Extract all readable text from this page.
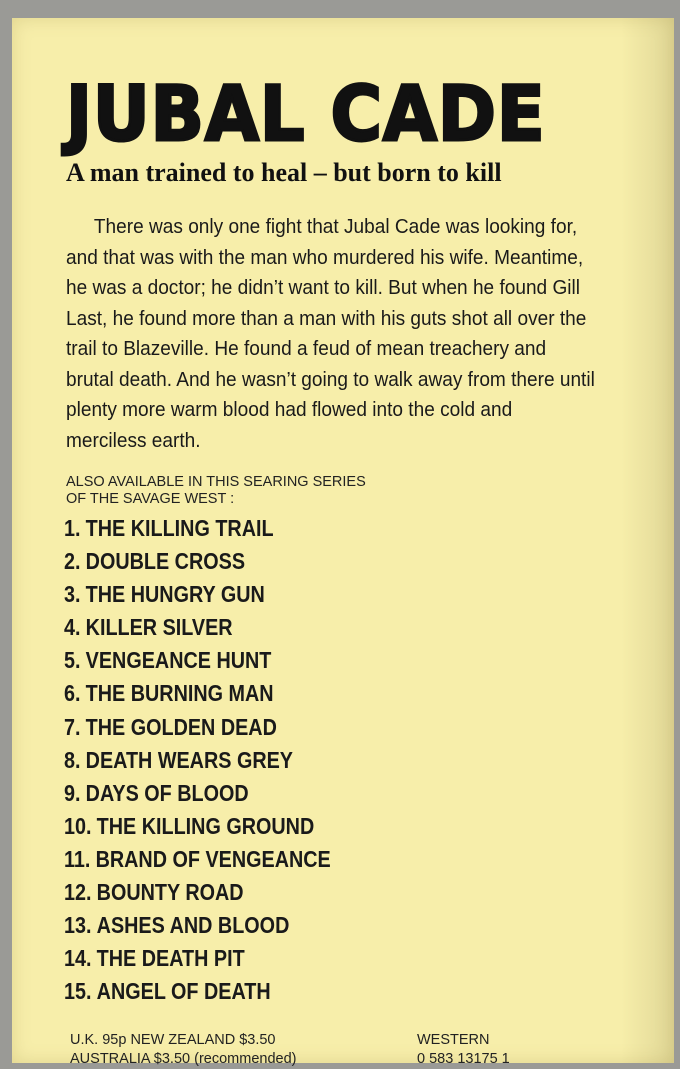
JUBAL CADE
A man trained to heal – but born to kill

There was only one fight that Jubal Cade was looking for, and that was with the man who murdered his wife. Meantime, he was a doctor; he didn’t want to kill. But when he found Gill Last, he found more than a man with his guts shot all over the trail to Blazeville. He found a feud of mean treachery and brutal death. And he wasn’t going to walk away from there until plenty more warm blood had flowed into the cold and merciless earth.

ALSO AVAILABLE IN THIS SEARING SERIES
OF THE SAVAGE WEST :
1. THE KILLING TRAIL
2. DOUBLE CROSS
3. THE HUNGRY GUN
4. KILLER SILVER
5. VENGEANCE HUNT
6. THE BURNING MAN
7. THE GOLDEN DEAD
8. DEATH WEARS GREY
9. DAYS OF BLOOD
10. THE KILLING GROUND
11. BRAND OF VENGEANCE
12. BOUNTY ROAD
13. ASHES AND BLOOD
14. THE DEATH PIT
15. ANGEL OF DEATH
U.K. 95p NEW ZEALAND $3.50
AUSTRALIA $3.50 (recommended)
WESTERN
0 583 13175 1
